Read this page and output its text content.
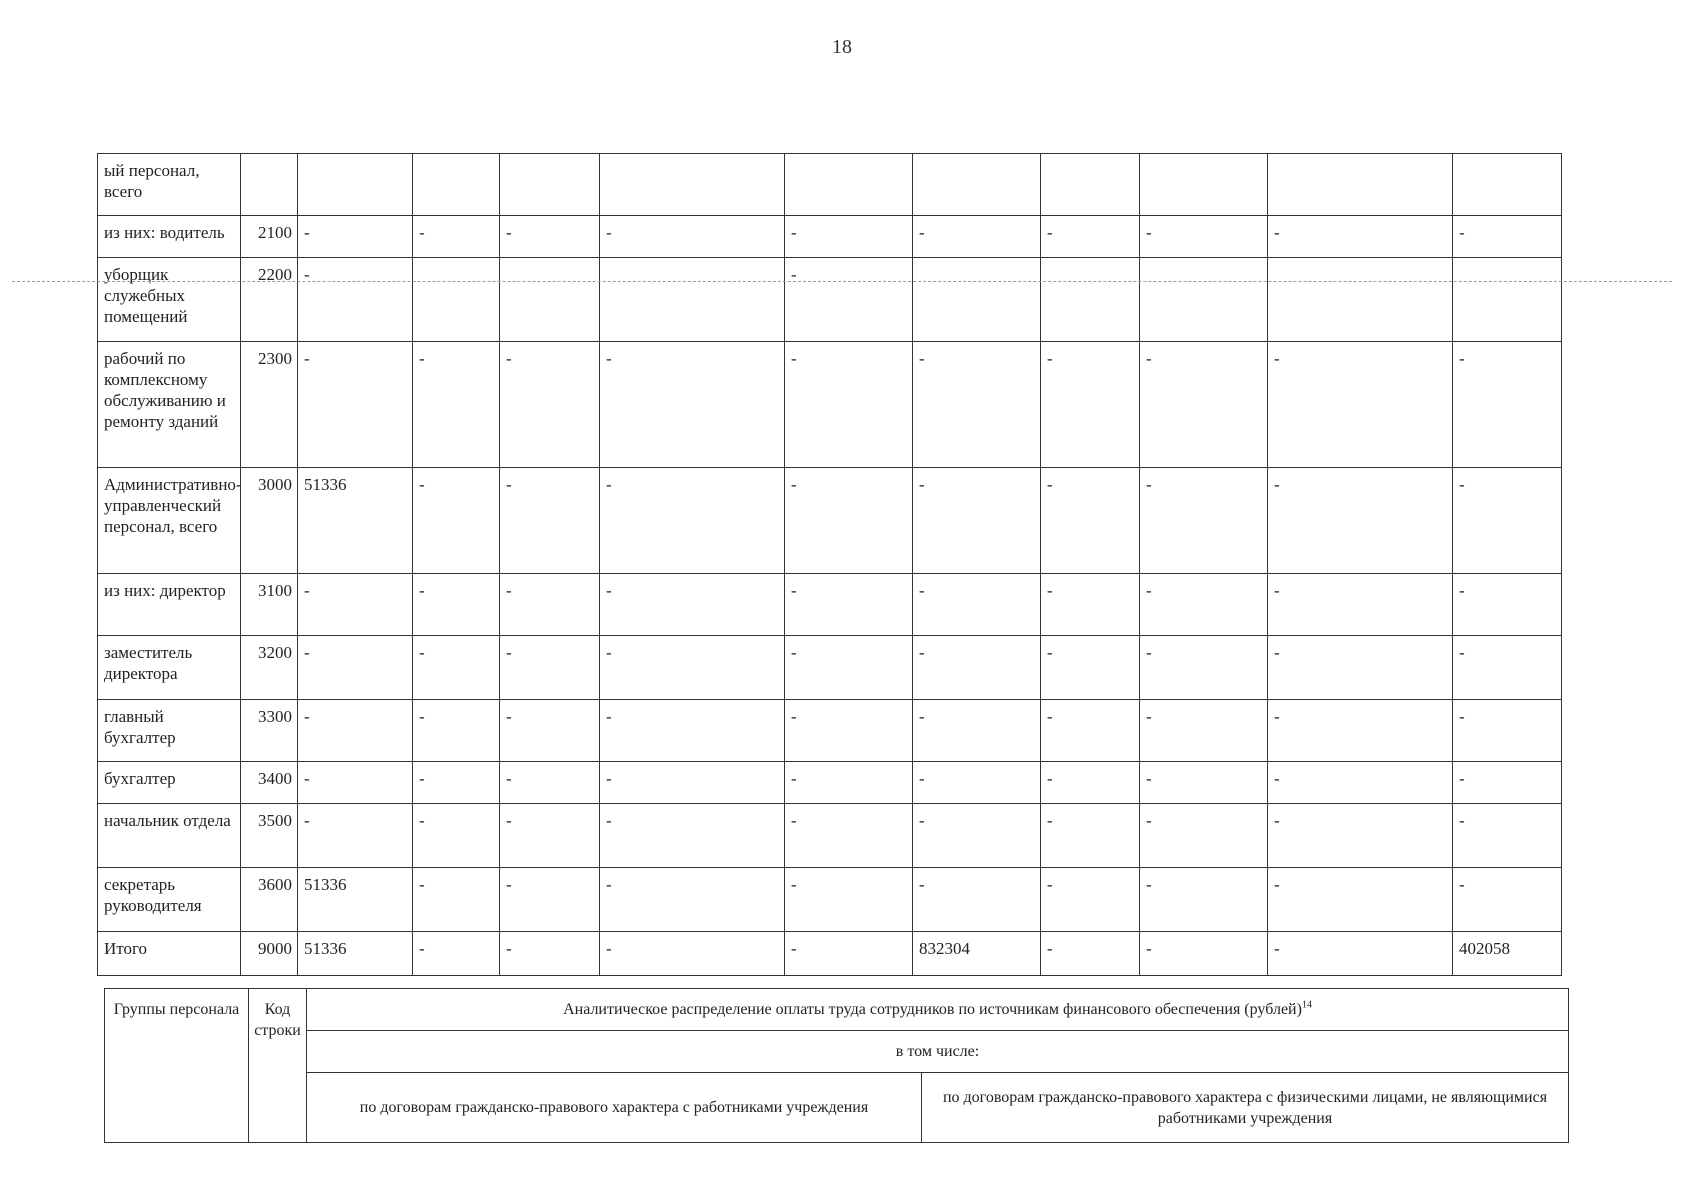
18
ый персонал, всего											
из них: водитель	2100	-	-	-	-	-	-	-	-	-	-
уборщик служебных помещений	2200	-				-					
рабочий по комплексному обслуживанию и ремонту зданий	2300	-	-	-	-	-	-	-	-	-	-
Административно-управленческий персонал, всего	3000	51336	-	-	-	-	-	-	-	-	-
из них: директор	3100	-	-	-	-	-	-	-	-	-	-
заместитель директора	3200	-	-	-	-	-	-	-	-	-	-
главный бухгалтер	3300	-	-	-	-	-	-	-	-	-	-
бухгалтер	3400	-	-	-	-	-	-	-	-	-	-
начальник отдела	3500	-	-	-	-	-	-	-	-	-	-
секретарь руководителя	3600	51336	-	-	-	-	-	-	-	-	-
Итого	9000	51336	-	-	-	-	832304	-	-	-	402058
Группы персонала	Код строки	Аналитическое распределение оплаты труда сотрудников по источникам финансового обеспечения (рублей)$^{14}$
		в том числе:	
		по договорам гражданско-правового характера с работниками учреждения	по договорам гражданско-правового характера с физическими лицами, не являющимися работниками учреждения
